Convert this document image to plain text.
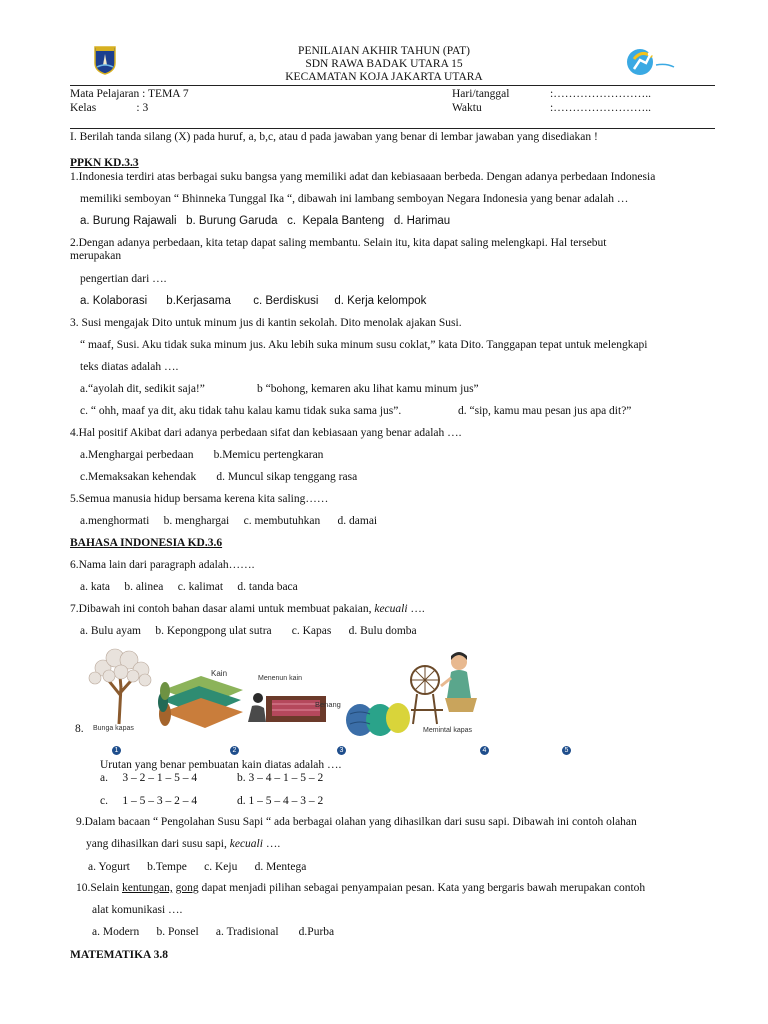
PENILAIAN AKHIR TAHUN (PAT)
SDN RAWA BADAK UTARA 15
KECAMATAN KOJA JAKARTA UTARA
Mata Pelajaran : TEMA 7
Kelas              : 3
Hari/tanggal	:……………………..
Waktu	:……………………..
I. Berilah tanda silang (X) pada huruf, a, b,c, atau d pada jawaban yang benar di lembar jawaban yang disediakan !
PPKN KD.3.3
1.Indonesia terdiri atas berbagai suku bangsa yang memiliki adat dan kebiasaaan berbeda. Dengan adanya perbedaan Indonesia
memiliki semboyan “ Bhinneka Tunggal Ika “, dibawah ini lambang semboyan Negara Indonesia yang benar adalah …
a. Burung Rajawali   b. Burung Garuda   c.  Kepala Banteng   d. Harimau
2.Dengan adanya perbedaan, kita tetap dapat saling membantu. Selain itu, kita dapat saling melengkapi. Hal tersebut
merupakan
pengertian dari ….
a. Kolaborasi      b.Kerjasama       c. Berdiskusi     d. Kerja kelompok
3. Susi mengajak Dito untuk minum jus di kantin sekolah. Dito menolak ajakan Susi.
“ maaf, Susi. Aku tidak suka minum jus. Aku lebih suka minum susu coklat,” kata Dito. Tanggapan tepat untuk melengkapi
teks diatas adalah ….
a.“ayolah dit, sedikit saja!”	b “bohong, kemaren aku lihat kamu minum jus”
c. “ ohh, maaf ya dit, aku tidak tahu kalau kamu tidak suka sama jus”.	d. “sip, kamu mau pesan jus apa dit?”
4.Hal positif Akibat dari adanya perbedaan sifat dan kebiasaan yang benar adalah ….
a.Menghargai perbedaan       b.Memicu pertengkaran
c.Memaksakan kehendak       d. Muncul sikap tenggang rasa
5.Semua manusia hidup bersama kerena kita saling……
a.menghormati     b. menghargai     c. membutuhkan      d. damai
BAHASA INDONESIA KD.3.6
6.Nama lain dari paragraph adalah…….
a. kata     b. alinea     c. kalimat     d. tanda baca
7.Dibawah ini contoh bahan dasar alami untuk membuat pakaian, kecuali ….
a. Bulu ayam     b. Kepongpong ulat sutra       c. Kapas      d. Bulu domba
8. Bunga kapas
Kain
Menenun kain
Benang
Memintal kapas
1	2	3	4	5
Urutan yang benar pembuatan kain diatas adalah ….
a.     3 – 2 – 1 – 5 – 4	b. 3 – 4 – 1 – 5 – 2
c.     1 – 5 – 3 – 2 – 4	d. 1 – 5 – 4 – 3 – 2
9.Dalam bacaan “ Pengolahan Susu Sapi “ ada berbagai olahan yang dihasilkan dari susu sapi. Dibawah ini contoh olahan
yang dihasilkan dari susu sapi, kecuali ….
a. Yogurt      b.Tempe      c. Keju      d. Mentega
10.Selain kentungan, gong dapat menjadi pilihan sebagai penyampaian pesan. Kata yang bergaris bawah merupakan contoh
alat komunikasi ….
a. Modern      b. Ponsel      a. Tradisional       d.Purba
MATEMATIKA 3.8
